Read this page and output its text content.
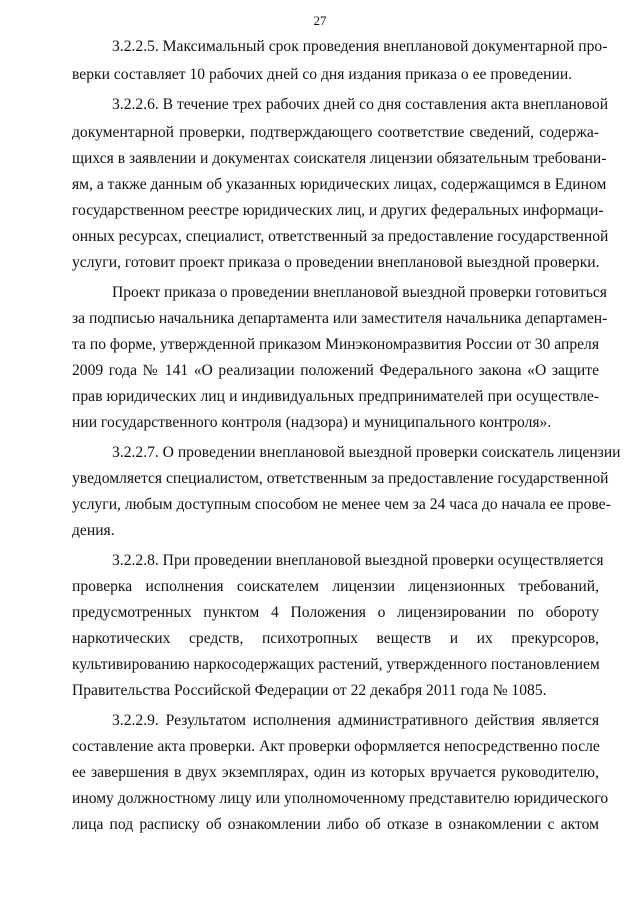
27
3.2.2.5. Максимальный срок проведения внеплановой документарной про-
верки составляет 10 рабочих дней со дня издания приказа о ее проведении.
3.2.2.6. В течение трех рабочих дней со дня составления акта внеплановой
документарной проверки, подтверждающего соответствие сведений, содержа-
щихся в заявлении и документах соискателя лицензии обязательным требовани-
ям, а также данным об указанных юридических лицах, содержащимся в Едином
государственном реестре юридических лиц, и других федеральных информаци-
онных ресурсах, специалист, ответственный за предоставление государственной
услуги, готовит проект приказа о проведении внеплановой выездной проверки.
Проект приказа о проведении внеплановой выездной проверки готовиться
за подписью начальника департамента или заместителя начальника департамен-
та по форме, утвержденной приказом Минэкономразвития России от 30 апреля
2009 года № 141 «О реализации положений Федерального закона «О защите
прав юридических лиц и индивидуальных предпринимателей при осуществле-
нии государственного контроля (надзора) и муниципального контроля».
3.2.2.7. О проведении внеплановой выездной проверки соискатель лицензии
уведомляется специалистом, ответственным за предоставление государственной
услуги, любым доступным способом не менее чем за 24 часа до начала ее прове-
дения.
3.2.2.8. При проведении внеплановой выездной проверки осуществляется
проверка исполнения соискателем лицензии лицензионных требований,
предусмотренных пунктом 4 Положения о лицензировании по обороту
наркотических средств, психотропных веществ и их прекурсоров,
культивированию наркосодержащих растений, утвержденного постановлением
Правительства Российской Федерации от 22 декабря 2011 года № 1085.
3.2.2.9. Результатом исполнения административного действия является
составление акта проверки. Акт проверки оформляется непосредственно после
ее завершения в двух экземплярах, один из которых вручается руководителю,
иному должностному лицу или уполномоченному представителю юридического
лица под расписку об ознакомлении либо об отказе в ознакомлении с актом
